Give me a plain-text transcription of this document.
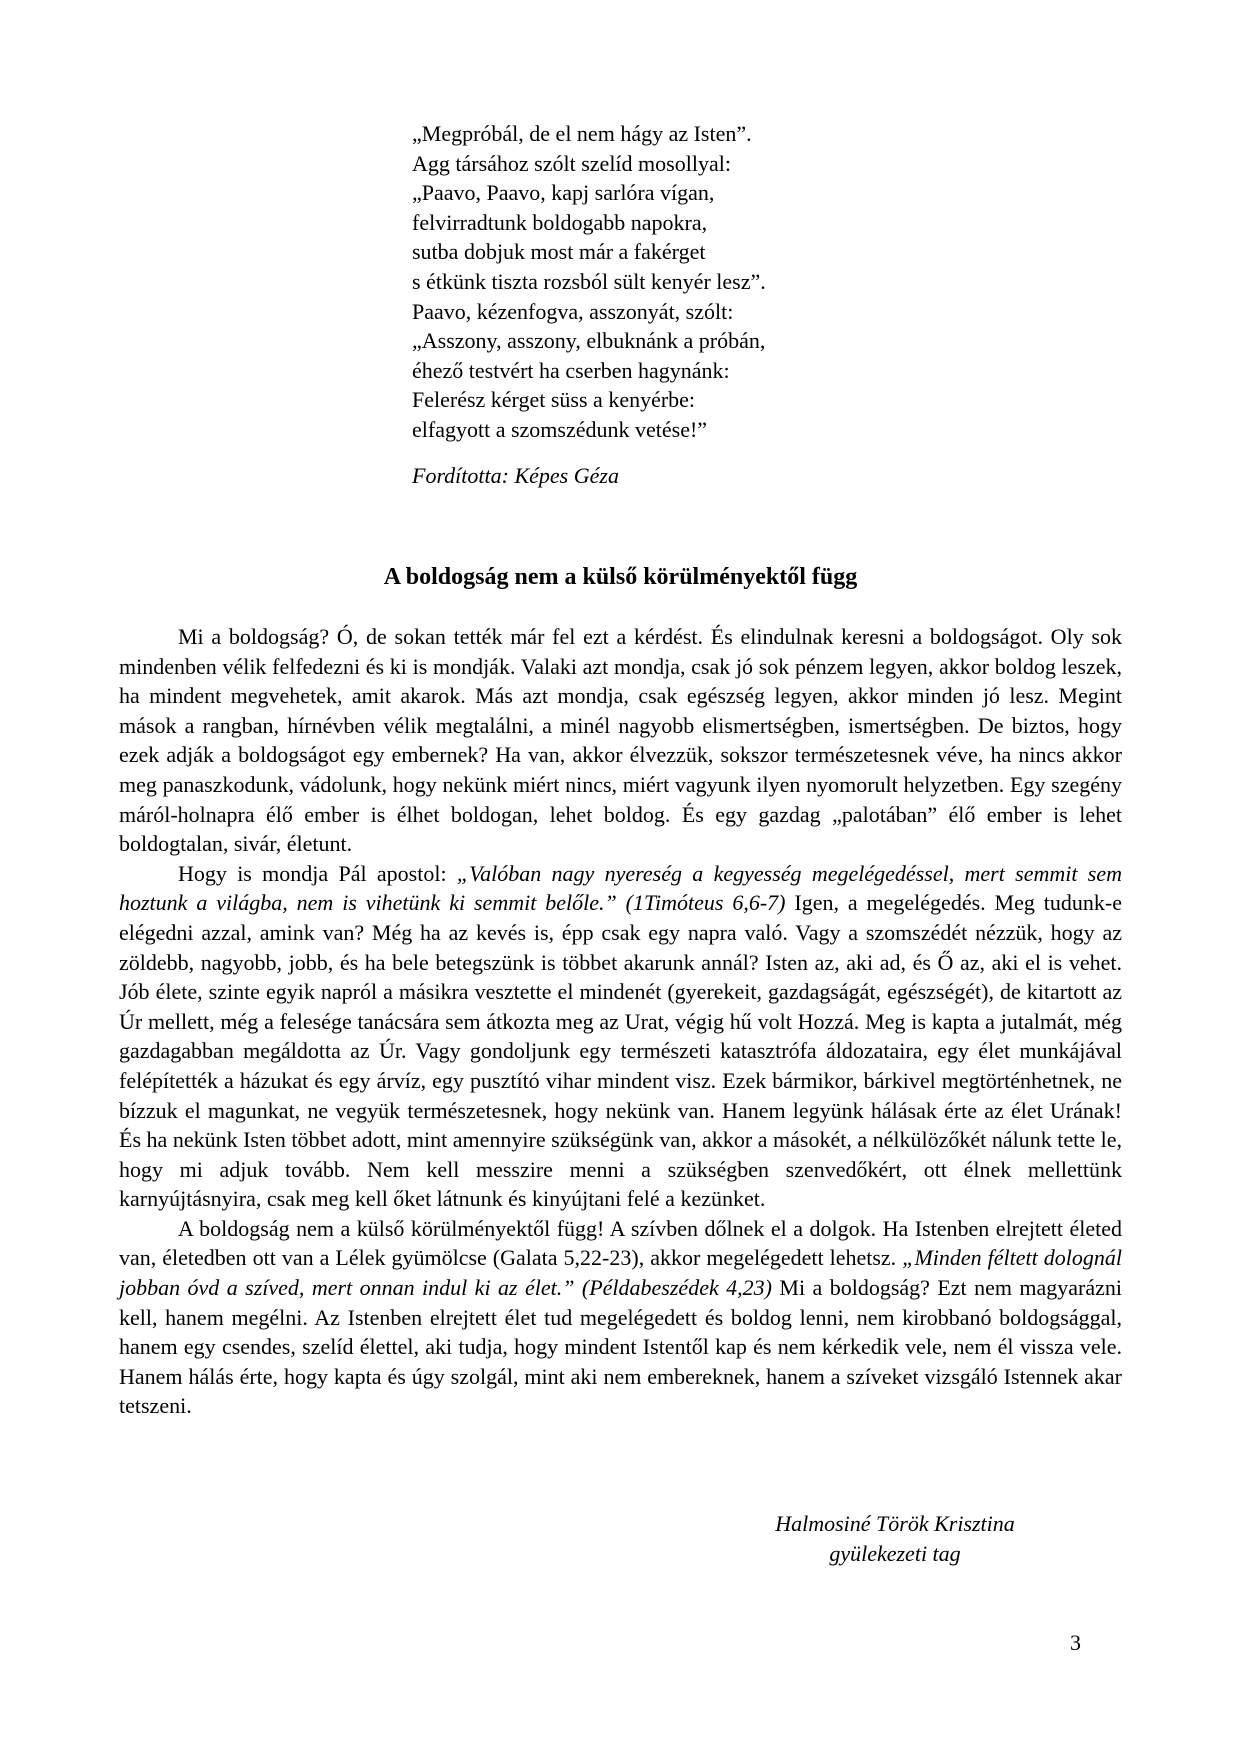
„Megpróbál, de el nem hágy az Isten”.
Agg társához szólt szelíd mosollyal:
„Paavo, Paavo, kapj sarlóra vígan,
felvirradtunk boldogabb napokra,
sutba dobjuk most már a fakérget
s étkünk tiszta rozsból sült kenyér lesz”.
Paavo, kézenfogva, asszonyát, szólt:
„Asszony, asszony, elbuknánk a próbán,
éhező testvért ha cserben hagynánk:
Felerész kérget süss a kenyérbe:
elfagyott a szomszédunk vetése!”
Fordította: Képes Géza
A boldogság nem a külső körülményektől függ

Mi a boldogság? Ó, de sokan tették már fel ezt a kérdést. És elindulnak keresni a boldogságot. Oly sok mindenben vélik felfedezni és ki is mondják. Valaki azt mondja, csak jó sok pénzem legyen, akkor boldog leszek, ha mindent megvehetek, amit akarok. Más azt mondja, csak egészség legyen, akkor minden jó lesz. Megint mások a rangban, hírnévben vélik megtalálni, a minél nagyobb elismertségben, ismertségben. De biztos, hogy ezek adják a boldogságot egy embernek? Ha van, akkor élvezzük, sokszor természetesnek véve, ha nincs akkor meg panaszkodunk, vádolunk, hogy nekünk miért nincs, miért vagyunk ilyen nyomorult helyzetben. Egy szegény máról-holnapra élő ember is élhet boldogan, lehet boldog. És egy gazdag „palotában” élő ember is lehet boldogtalan, sivár, életunt.

Hogy is mondja Pál apostol: „Valóban nagy nyereség a kegyesség megelégedéssel, mert semmit sem hoztunk a világba, nem is vihetünk ki semmit belőle.” (1Timóteus 6,6-7) Igen, a megelégedés. Meg tudunk-e elégedni azzal, amink van? Még ha az kevés is, épp csak egy napra való. Vagy a szomszédét nézzük, hogy az zöldebb, nagyobb, jobb, és ha bele betegszünk is többet akarunk annál? Isten az, aki ad, és Ő az, aki el is vehet. Jób élete, szinte egyik napról a másikra vesztette el mindenét (gyerekeit, gazdagságát, egészségét), de kitartott az Úr mellett, még a felesége tanácsára sem átkozta meg az Urat, végig hű volt Hozzá. Meg is kapta a jutalmát, még gazdagabban megáldotta az Úr. Vagy gondoljunk egy természeti katasztrófa áldozataira, egy élet munkájával felépítették a házukat és egy árvíz, egy pusztító vihar mindent visz. Ezek bármikor, bárkivel megtörténhetnek, ne bízzuk el magunkat, ne vegyük természetesnek, hogy nekünk van. Hanem legyünk hálásak érte az élet Urának! És ha nekünk Isten többet adott, mint amennyire szükségünk van, akkor a másokét, a nélkülözőkét nálunk tette le, hogy mi adjuk tovább. Nem kell messzire menni a szükségben szenvedőkért, ott élnek mellettünk karnyújtásnyira, csak meg kell őket látnunk és kinyújtani felé a kezünket.

A boldogság nem a külső körülményektől függ! A szívben dőlnek el a dolgok. Ha Istenben elrejtett életed van, életedben ott van a Lélek gyümölcse (Galata 5,22-23), akkor megelégedett lehetsz. „Minden féltett dolognál jobban óvd a szíved, mert onnan indul ki az élet.” (Példabeszédek 4,23) Mi a boldogság? Ezt nem magyarázni kell, hanem megélni. Az Istenben elrejtett élet tud megelégedett és boldog lenni, nem kirobbanó boldogsággal, hanem egy csendes, szelíd élettel, aki tudja, hogy mindent Istentől kap és nem kérkedik vele, nem él vissza vele. Hanem hálás érte, hogy kapta és úgy szolgál, mint aki nem embereknek, hanem a szíveket vizsgáló Istennek akar tetszeni.

Halmosiné Török Krisztina
gyülekezeti tag
3
